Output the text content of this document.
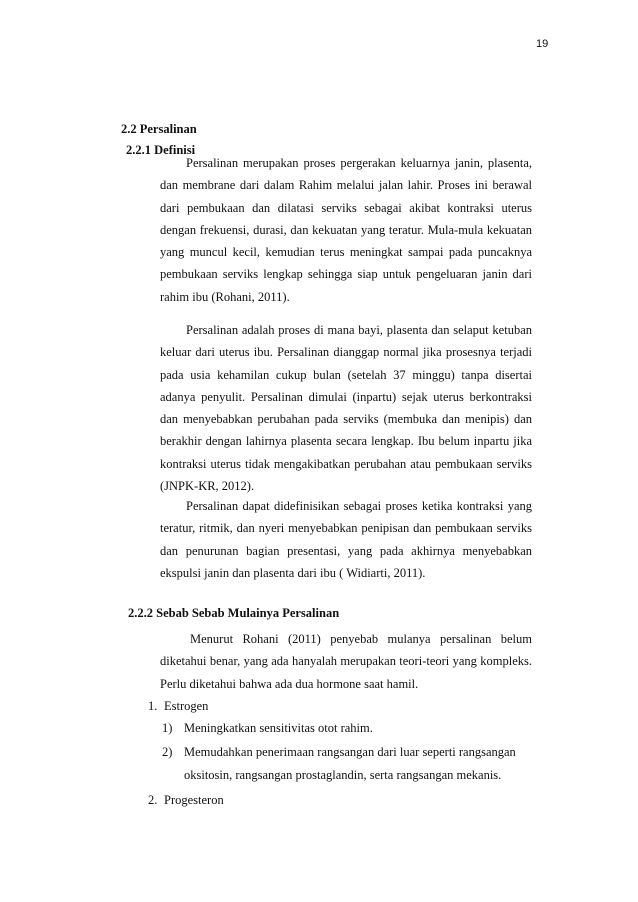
19
2.2 Persalinan
2.2.1 Definisi

Persalinan merupakan proses pergerakan keluarnya janin, plasenta, dan membrane dari dalam Rahim melalui jalan lahir. Proses ini berawal dari pembukaan dan dilatasi serviks sebagai akibat kontraksi uterus dengan frekuensi, durasi, dan kekuatan yang teratur. Mula-mula kekuatan yang muncul kecil, kemudian terus meningkat sampai pada puncaknya pembukaan serviks lengkap sehingga siap untuk pengeluaran janin dari rahim ibu (Rohani, 2011).

Persalinan adalah proses di mana bayi, plasenta dan selaput ketuban keluar dari uterus ibu. Persalinan dianggap normal jika prosesnya terjadi pada usia kehamilan cukup bulan (setelah 37 minggu) tanpa disertai adanya penyulit. Persalinan dimulai (inpartu) sejak uterus berkontraksi dan menyebabkan perubahan pada serviks (membuka dan menipis) dan berakhir dengan lahirnya plasenta secara lengkap. Ibu belum inpartu jika kontraksi uterus tidak mengakibatkan perubahan atau pembukaan serviks (JNPK-KR, 2012).

Persalinan dapat didefinisikan sebagai proses ketika kontraksi yang teratur, ritmik, dan nyeri menyebabkan penipisan dan pembukaan serviks dan penurunan bagian presentasi, yang pada akhirnya menyebabkan ekspulsi janin dan plasenta dari ibu ( Widiarti, 2011).

2.2.2 Sebab Sebab Mulainya Persalinan

Menurut Rohani (2011) penyebab mulanya persalinan belum diketahui benar, yang ada hanyalah merupakan teori-teori yang kompleks. Perlu diketahui bahwa ada dua hormone saat hamil.

1. Estrogen
1) Meningkatkan sensitivitas otot rahim.
2) Memudahkan penerimaan rangsangan dari luar seperti rangsangan
oksitosin, rangsangan prostaglandin, serta rangsangan mekanis.
2. Progesteron
